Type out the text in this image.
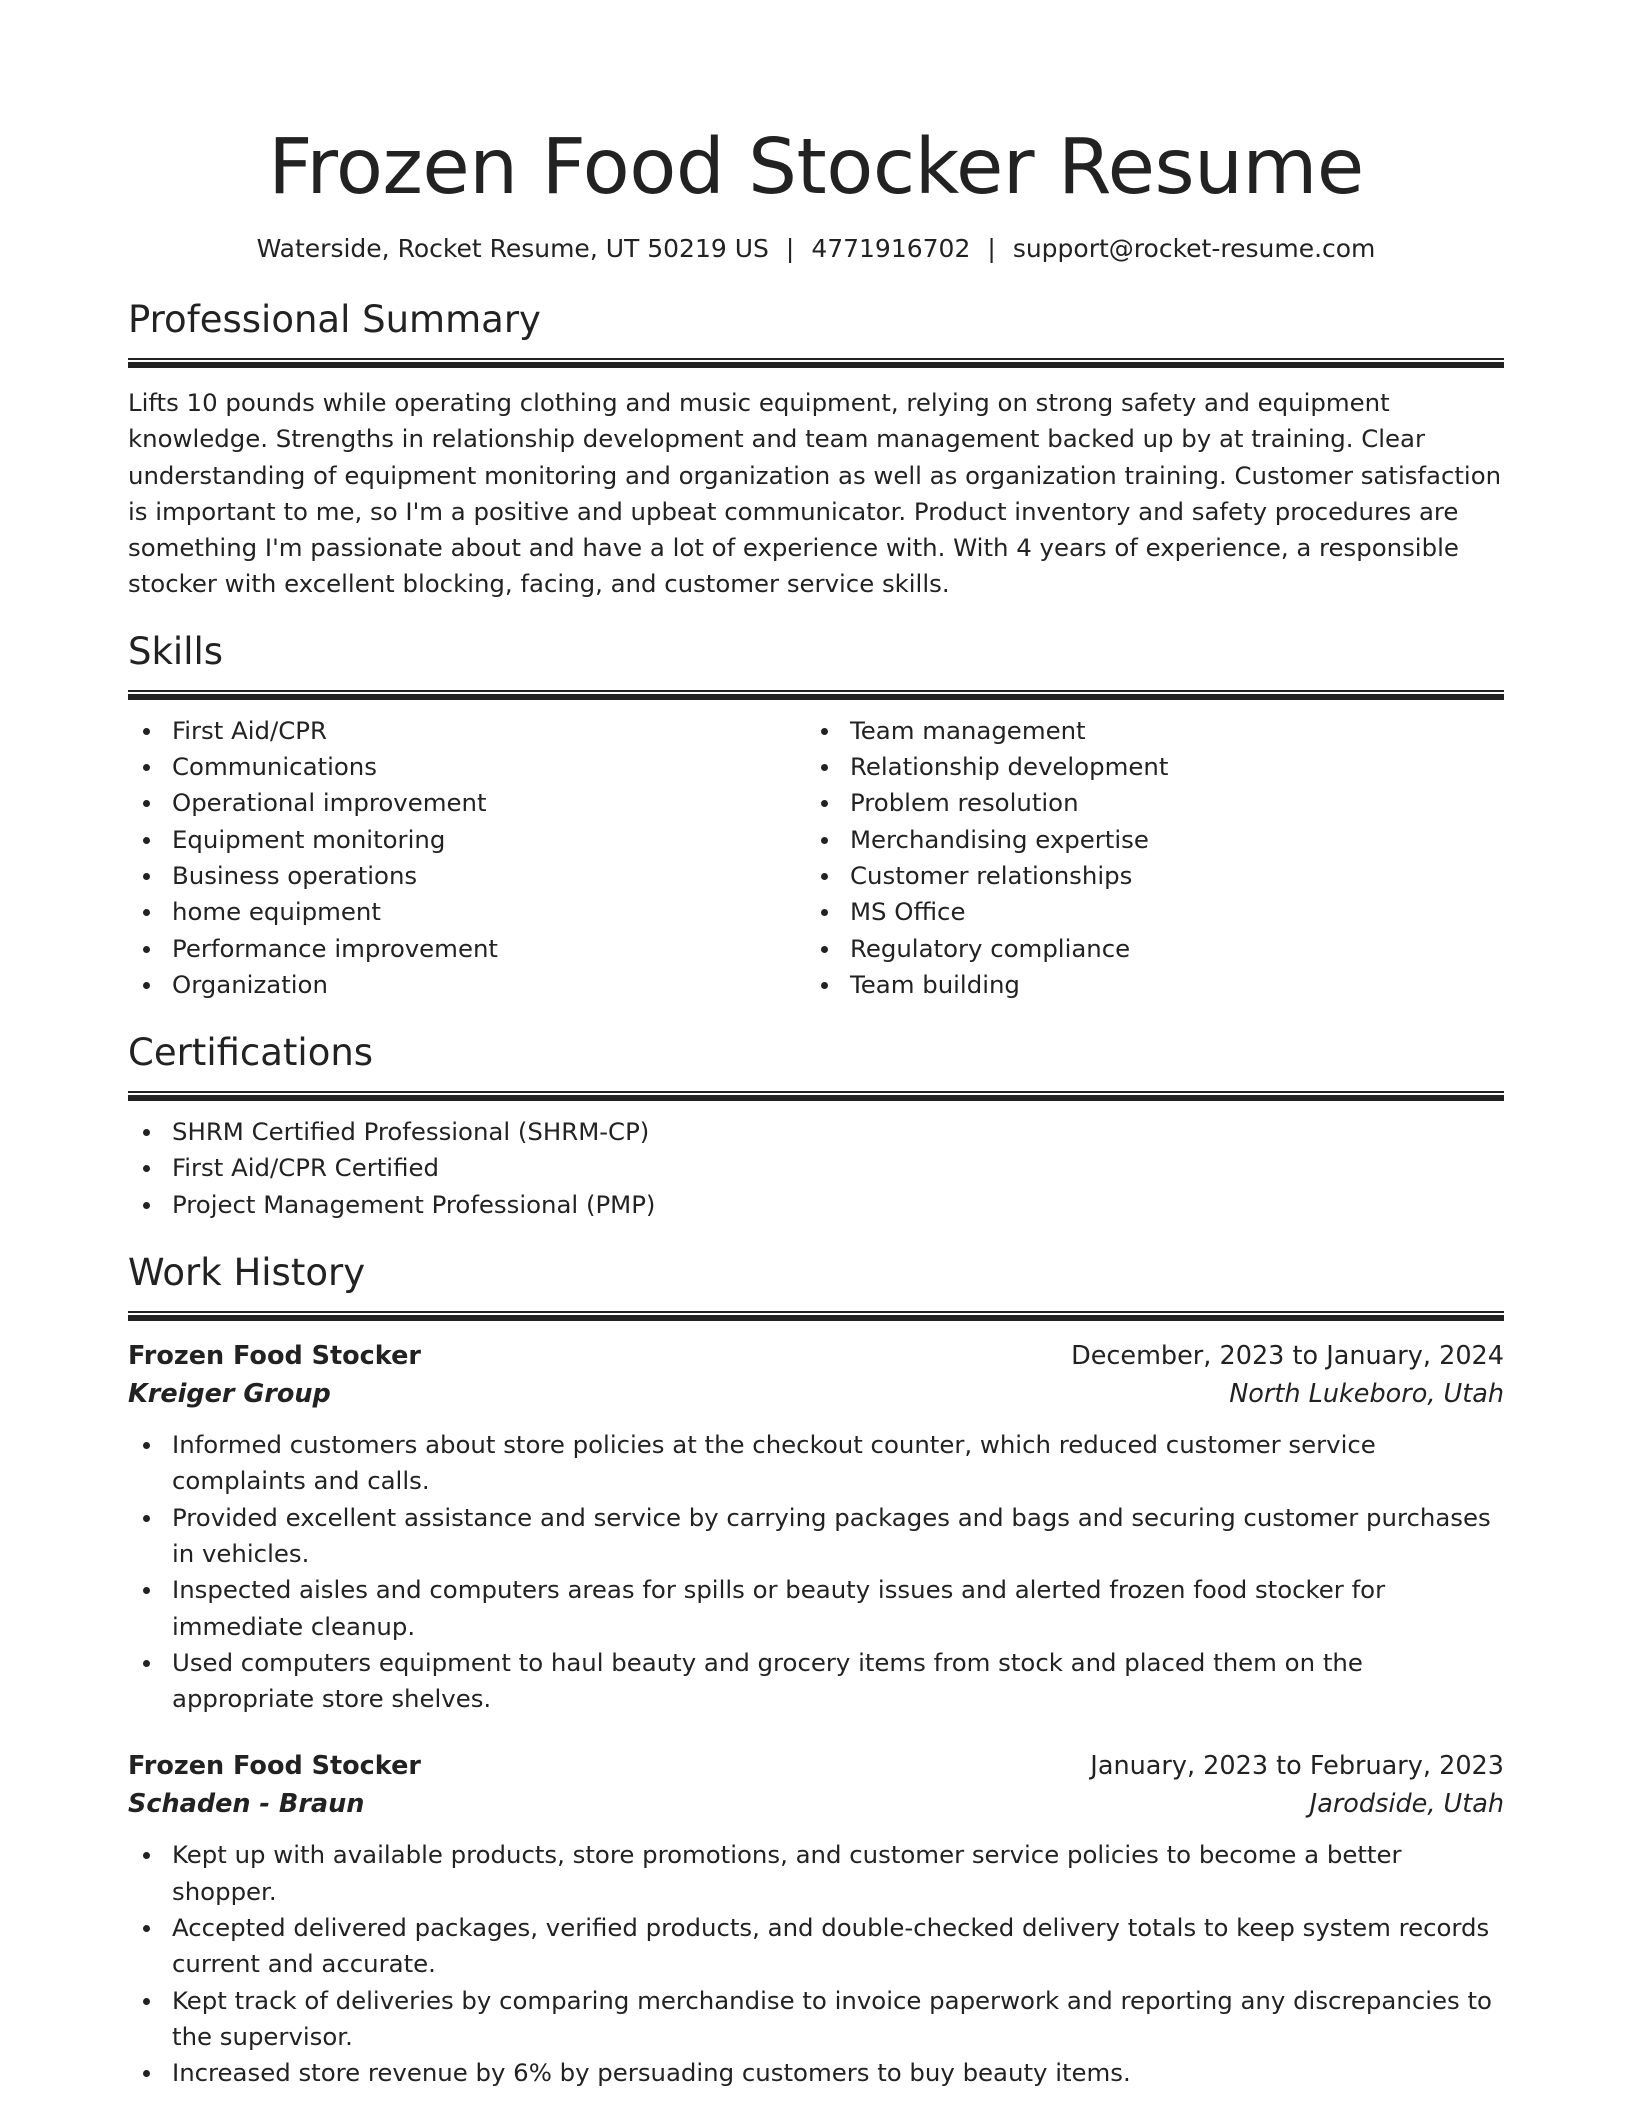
Frozen Food Stocker Resume
Waterside, Rocket Resume, UT 50219 US | 4771916702 | support@rocket-resume.com
Professional Summary

Lifts 10 pounds while operating clothing and music equipment, relying on strong safety and equipment knowledge. Strengths in relationship development and team management backed up by at training. Clear understanding of equipment monitoring and organization as well as organization training. Customer satisfaction is important to me, so I'm a positive and upbeat communicator. Product inventory and safety procedures are something I'm passionate about and have a lot of experience with. With 4 years of experience, a responsible stocker with excellent blocking, facing, and customer service skills.

Skills
First Aid/CPR
Communications
Operational improvement
Equipment monitoring
Business operations
home equipment
Performance improvement
Organization
Team management
Relationship development
Problem resolution
Merchandising expertise
Customer relationships
MS Office
Regulatory compliance
Team building
Certifications
SHRM Certified Professional (SHRM-CP)
First Aid/CPR Certified
Project Management Professional (PMP)
Work History
Frozen Food Stocker	December, 2023 to January, 2024
Kreiger Group	North Lukeboro, Utah
Informed customers about store policies at the checkout counter, which reduced customer service complaints and calls.
Provided excellent assistance and service by carrying packages and bags and securing customer purchases in vehicles.
Inspected aisles and computers areas for spills or beauty issues and alerted frozen food stocker for immediate cleanup.
Used computers equipment to haul beauty and grocery items from stock and placed them on the appropriate store shelves.
Frozen Food Stocker	January, 2023 to February, 2023
Schaden - Braun	Jarodside, Utah
Kept up with available products, store promotions, and customer service policies to become a better shopper.
Accepted delivered packages, verified products, and double-checked delivery totals to keep system records current and accurate.
Kept track of deliveries by comparing merchandise to invoice paperwork and reporting any discrepancies to the supervisor.
Increased store revenue by 6% by persuading customers to buy beauty items.
